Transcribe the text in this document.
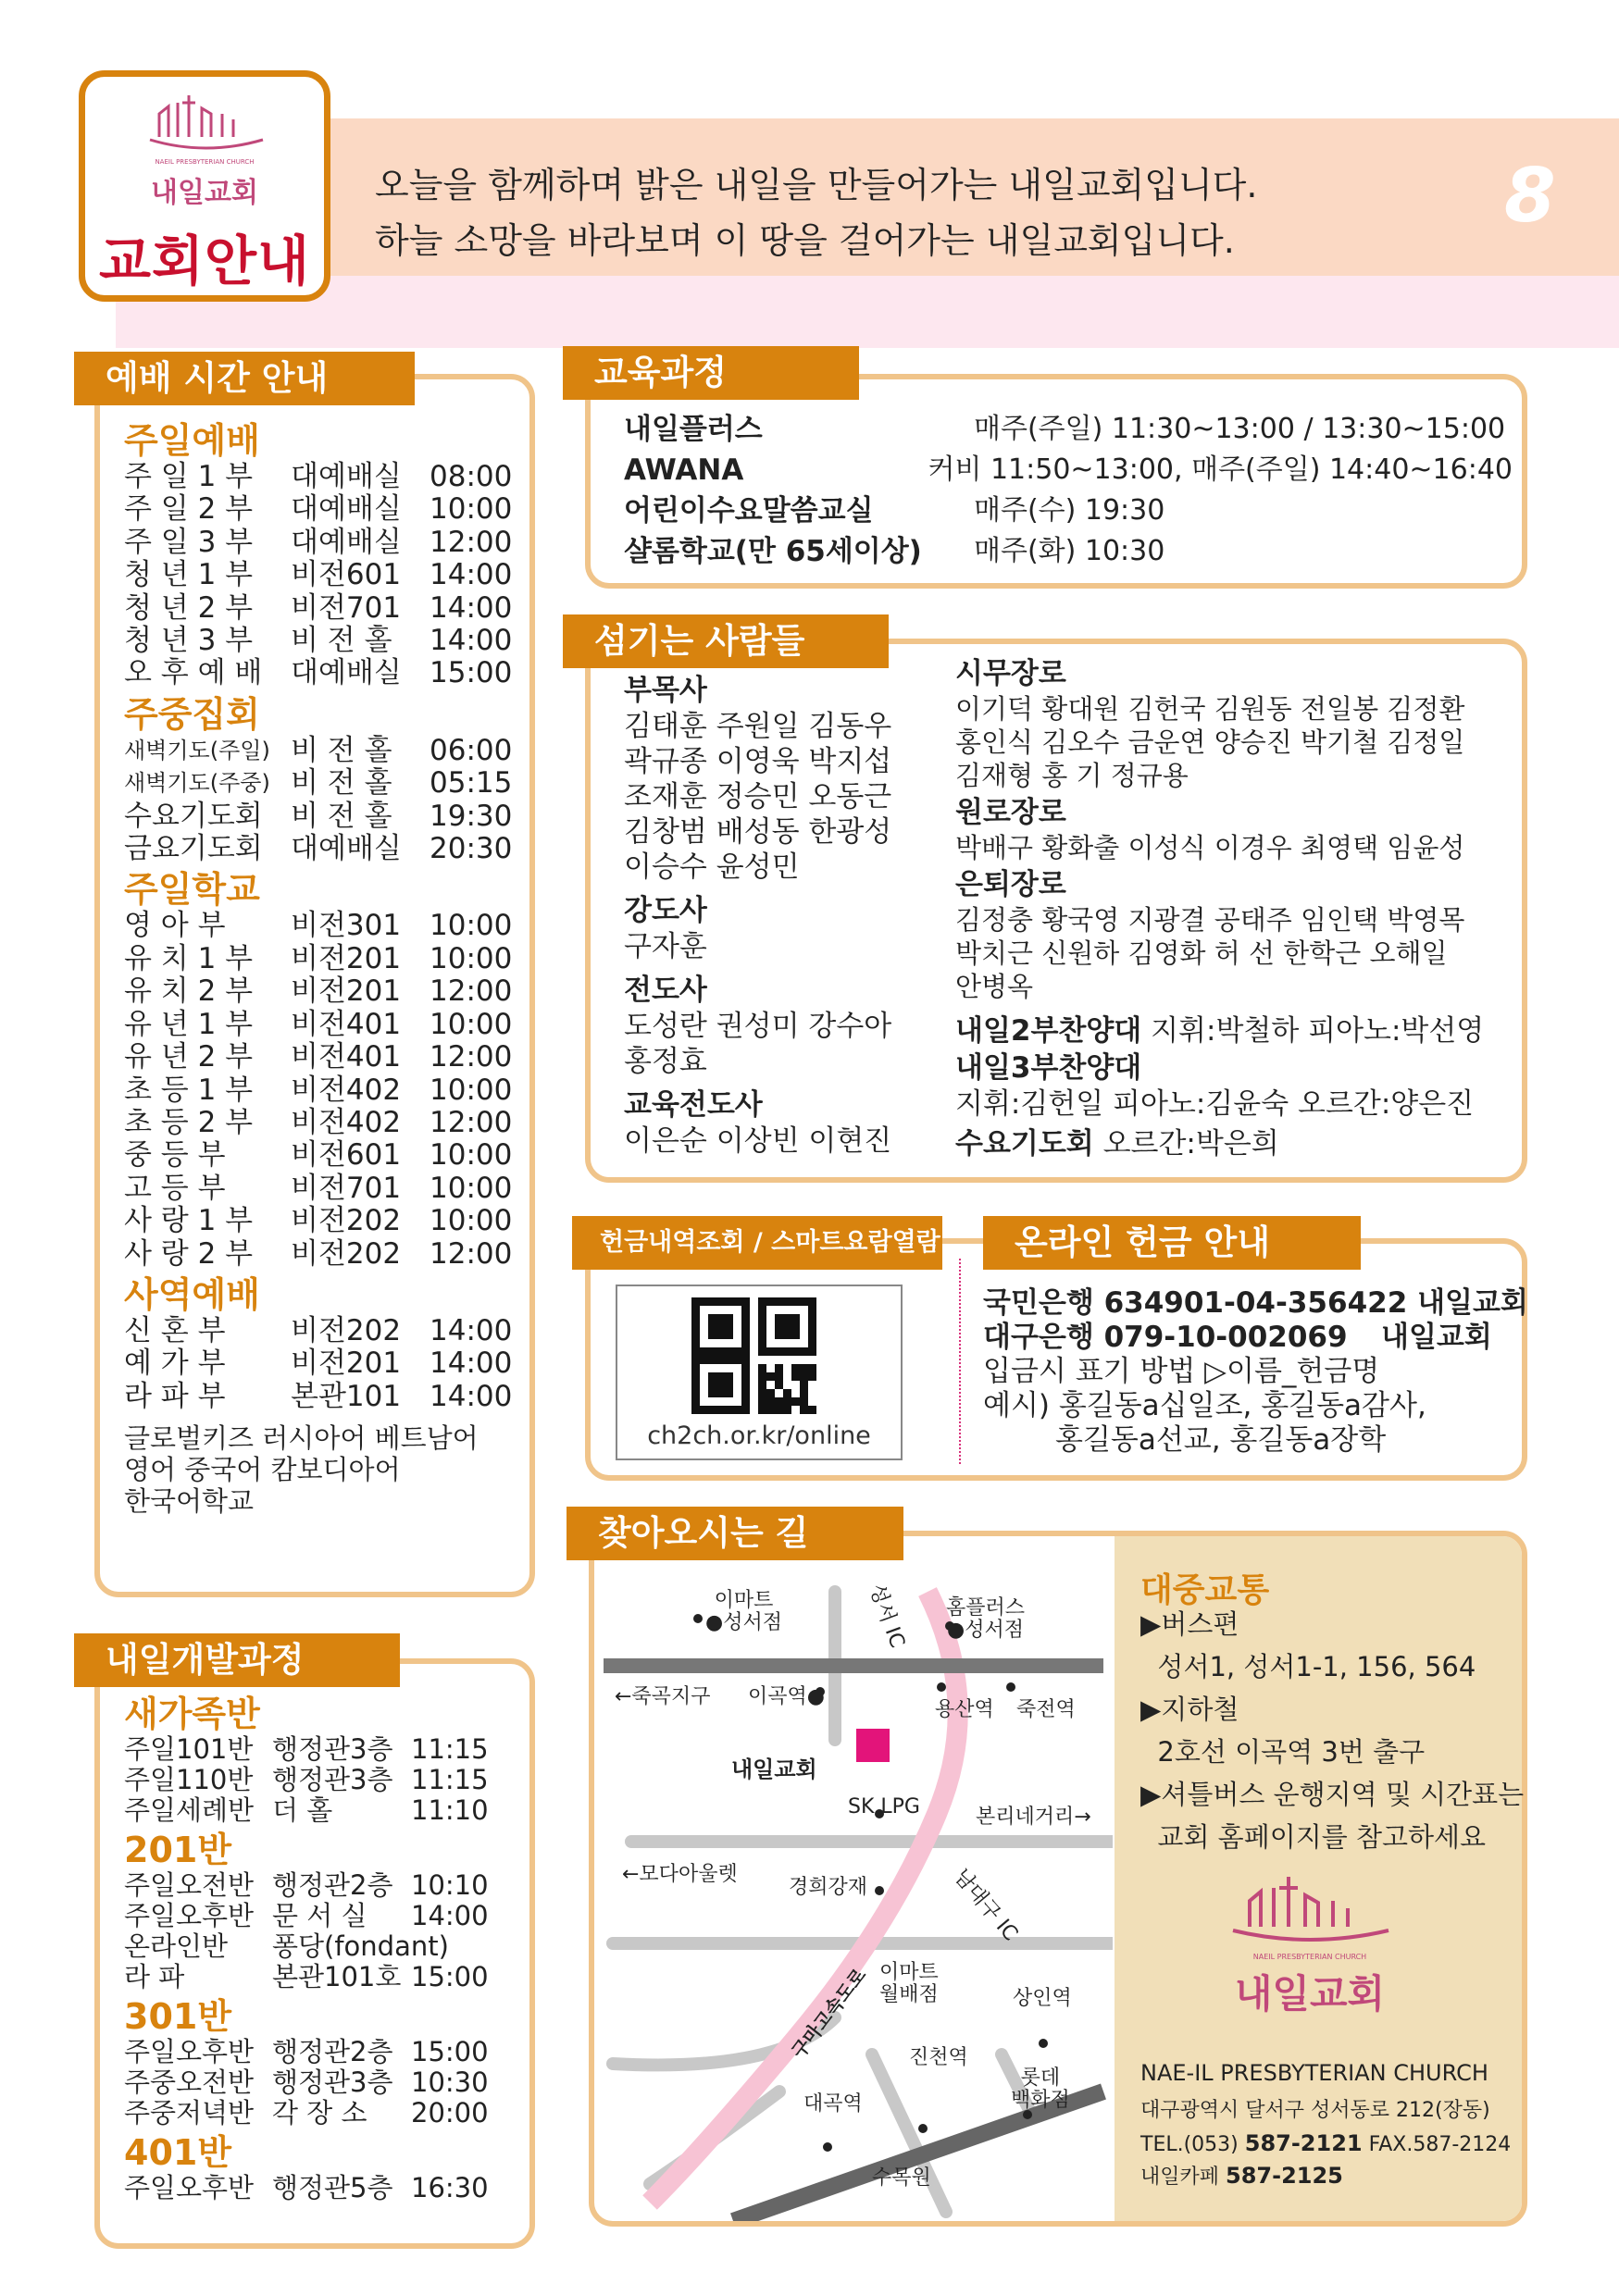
NAEIL PRESBYTERIAN CHURCH
내일교회
교회안내
오늘을 함께하며 밝은 내일을 만들어가는 내일교회입니다.
하늘 소망을 바라보며 이 땅을 걸어가는 내일교회입니다.
8
예배 시간 안내
주일예배
주 일 1 부	대예배실 08:00
주 일 2 부	대예배실 10:00
주 일 3 부	대예배실 12:00
청 년 1 부	비전601 14:00
청 년 2 부	비전701 14:00
청 년 3 부	비 전 홀	14:00
오 후 예 배 대예배실 15:00
주중집회
새벽기도(주일) 비 전 홀	06:00
새벽기도(주중) 비 전 홀	05:15
수요기도회 비 전 홀	19:30
금요기도회 대예배실 20:30
주일학교
영 아 부	비전301 10:00
유 치 1 부	비전201 10:00
유 치 2 부	비전201 12:00
유 년 1 부	비전401 10:00
유 년 2 부	비전401 12:00
초 등 1 부	비전402 10:00
초 등 2 부	비전402 12:00
중 등 부	비전601 10:00
고 등 부	비전701 10:00
사 랑 1 부	비전202 10:00
사 랑 2 부	비전202 12:00
사역예배
신 혼 부	비전202 14:00
예 가 부	비전201 14:00
라 파 부	본관101 14:00
글로벌키즈 러시아어 베트남어
영어 중국어 캄보디아어
한국어학교
내일개발과정
새가족반
주일101반 행정관3층 11:15
주일110반 행정관3층 11:15
주일세례반 더 홀	11:10
201반
주일오전반 행정관2층 10:10
주일오후반 문 서 실	14:00
온라인반	퐁당(fondant)
라 파	본관101호 15:00
301반
주일오후반 행정관2층 15:00
주중오전반 행정관3층 10:30
주중저녁반 각 장 소	20:00
401반
주일오후반 행정관5층 16:30
교육과정
내일플러스	매주(주일) 11:30~13:00 / 13:30~15:00
AWANA	커비 11:50~13:00, 매주(주일) 14:40~16:40
어린이수요말씀교실	매주(수) 19:30
샬롬학교(만 65세이상)	매주(화) 10:30
섬기는 사람들
부목사
김태훈 주원일 김동우
곽규종 이영욱 박지섭
조재훈 정승민 오동근
김창범 배성동 한광성
이승수 윤성민
강도사
구자훈
전도사
도성란 권성미 강수아
홍정효
교육전도사
이은순 이상빈 이현진
시무장로
이기덕 황대원 김헌국 김원동 전일봉 김정환
홍인식 김오수 금운연 양승진 박기철 김정일
김재형 홍 기 정규용
원로장로
박배구 황화출 이성식 이경우 최영택 임윤성
은퇴장로
김정충 황국영 지광결 공태주 임인택 박영목
박치근 신원하 김영화 허 선 한학근 오해일
안병옥
내일2부찬양대 지휘:박철하 피아노:박선영
내일3부찬양대
지휘:김헌일 피아노:김윤숙 오르간:양은진
수요기도회 오르간:박은희
헌금내역조회 / 스마트요람열람	온라인 헌금 안내
ch2ch.or.kr/online
국민은행 634901-04-356422 내일교회
대구은행 079-10-002069	내일교회
입금시 표기 방법 ▷이름_헌금명
예시) 홍길동a십일조, 홍길동a감사,
홍길동a선교, 홍길동a장학
찾아오시는 길
이마트
●성서점
홈플러스
●성서점
성서 IC
←죽곡지구 이곡역●
용산역 죽전역
내일교회
SK LPG	본리네거리→
←모다아울렛
경희강재	남대구 IC
구마고속도로 이마트
월배점	상인역
진천역
롯데
백화점
대곡역
수목원
대중교통
▶버스편
성서1, 성서1-1, 156, 564
▶지하철
2호선 이곡역 3번 출구
▶셔틀버스 운행지역 및 시간표는
교회 홈페이지를 참고하세요
NAEIL PRESBYTERIAN CHURCH
내일교회
NAE-IL PRESBYTERIAN CHURCH
대구광역시 달서구 성서동로 212(장동)
TEL.(053) 587-2121 FAX.587-2124
내일카페 587-2125
